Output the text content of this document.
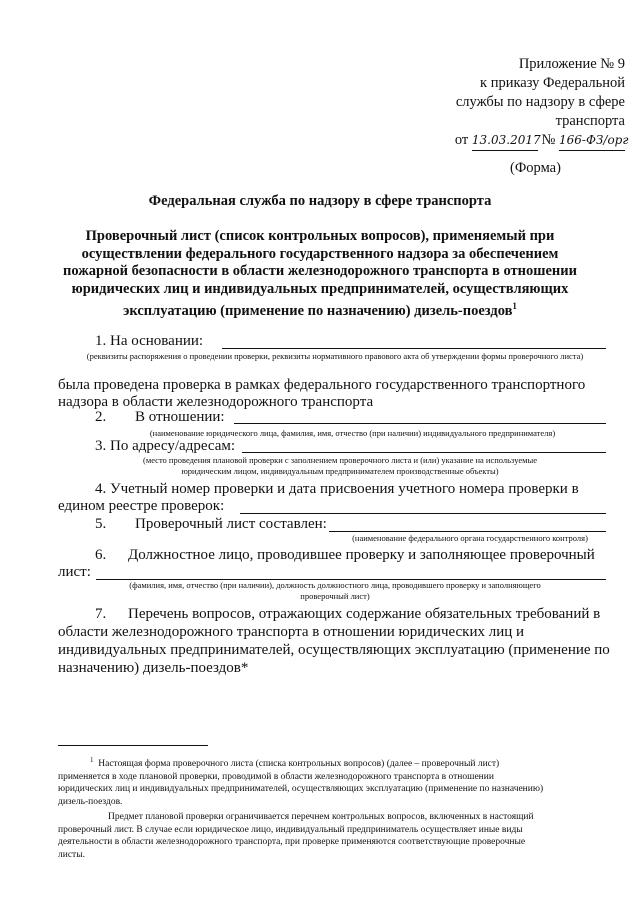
Приложение № 9
к приказу Федеральной
службы по надзору в сфере
транспорта
от 13.03.2017 № 166-ФЗ/орг
(Форма)
Федеральная служба по надзору в сфере транспорта
Проверочный лист (список контрольных вопросов), применяемый при
осуществлении федерального государственного надзора за обеспечением
пожарной безопасности в области железнодорожного транспорта в отношении
юридических лиц и индивидуальных предпринимателей, осуществляющих
эксплуатацию (применение по назначению) дизель-поездов$^1$
1. На основании:
(реквизиты распоряжения о проведении проверки, реквизиты нормативного правового акта об утверждении формы проверочного листа)
была проведена проверка в рамках федерального государственного транспортного
надзора в области железнодорожного транспорта
2. В отношении:
(наименование юридического лица, фамилия, имя, отчество (при наличии) индивидуального предпринимателя)
3. По адресу/адресам:
(место проведения плановой проверки с заполнением проверочного листа и (или) указание на используемые
юридическим лицом, индивидуальным предпринимателем производственные объекты)
4. Учетный номер проверки и дата присвоения учетного номера проверки в
едином реестре проверок:
5. Проверочный лист составлен:
(наименование федерального органа государственного контроля)
6. Должностное лицо, проводившее проверку и заполняющее проверочный
лист:
(фамилия, имя, отчество (при наличии), должность должностного лица, проводившего проверку и заполняющего
проверочный лист)
7. Перечень вопросов, отражающих содержание обязательных требований в
области железнодорожного транспорта в отношении юридических лиц и
индивидуальных предпринимателей, осуществляющих эксплуатацию (применение по
назначению) дизель-поездов*
$^1$ Настоящая форма проверочного листа (списка контрольных вопросов) (далее – проверочный лист)
применяется в ходе плановой проверки, проводимой в области железнодорожного транспорта в отношении
юридических лиц и индивидуальных предпринимателей, осуществляющих эксплуатацию (применение по назначению)
дизель-поездов.
Предмет плановой проверки ограничивается перечнем контрольных вопросов, включенных в настоящий
проверочный лист. В случае если юридическое лицо, индивидуальный предприниматель осуществляет иные виды
деятельности в области железнодорожного транспорта, при проверке применяются соответствующие проверочные
листы.
